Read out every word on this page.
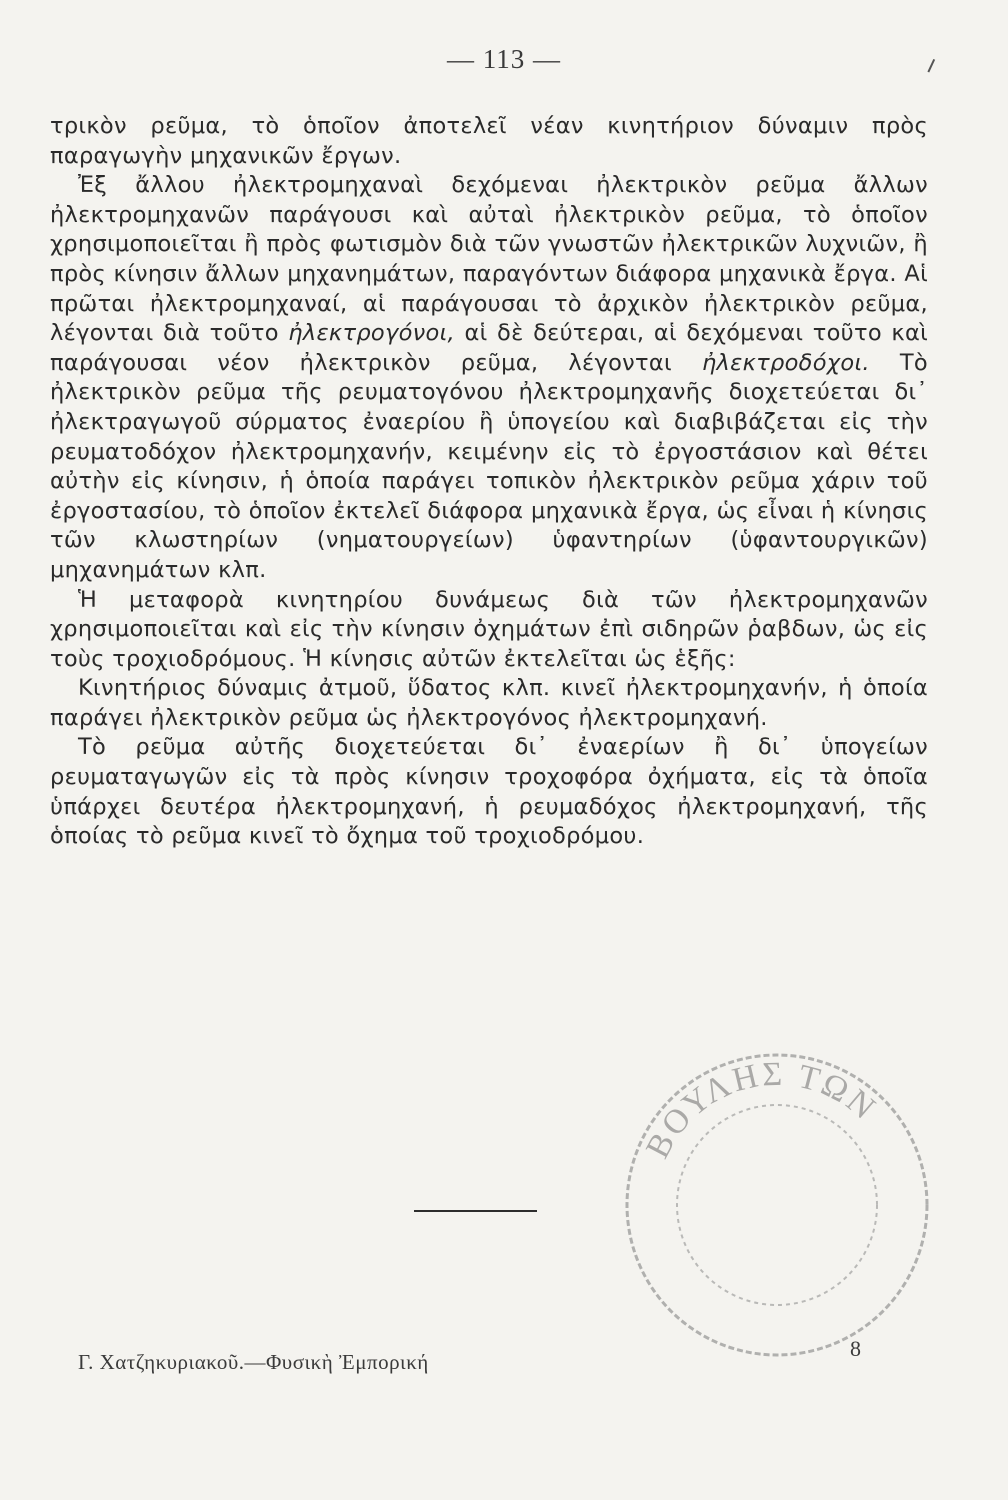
— 113 —

τρικὸν ρεῦμα, τὸ ὁποῖον ἀποτελεῖ νέαν κινητήριον δύναμιν πρὸς παραγωγὴν μηχανικῶν ἔργων.

Ἐξ ἄλλου ἠλεκτρομηχαναὶ δεχόμεναι ἠλεκτρικὸν ρεῦμα ἄλλων ἠλεκτρομηχανῶν παράγουσι καὶ αὐταὶ ἠλεκτρικὸν ρεῦμα, τὸ ὁποῖον χρησιμοποιεῖται ἢ πρὸς φωτισμὸν διὰ τῶν γνωστῶν ἠλεκτρικῶν λυχνιῶν, ἢ πρὸς κίνησιν ἄλλων μηχανημάτων, παραγόντων διάφορα μηχανικὰ ἔργα. Αἱ πρῶται ἠλεκτρομηχαναί, αἱ παράγουσαι τὸ ἀρχικὸν ἠλεκτρικὸν ρεῦμα, λέγονται διὰ τοῦτο ἠλεκτρογόνοι, αἱ δὲ δεύτεραι, αἱ δεχόμεναι τοῦτο καὶ παράγουσαι νέον ἠλεκτρικὸν ρεῦμα, λέγονται ἠλεκτροδόχοι. Τὸ ἠλεκτρικὸν ρεῦμα τῆς ρευματογόνου ἠλεκτρομηχανῆς διοχετεύεται δι᾿ ἠλεκτραγωγοῦ σύρματος ἐναερίου ἢ ὑπογείου καὶ διαβιβάζεται εἰς τὴν ρευματοδόχον ἠλεκτρομηχανήν, κειμένην εἰς τὸ ἐργοστάσιον καὶ θέτει αὐτὴν εἰς κίνησιν, ἡ ὁποία παράγει τοπικὸν ἠλεκτρικὸν ρεῦμα χάριν τοῦ ἐργοστασίου, τὸ ὁποῖον ἐκτελεῖ διάφορα μηχανικὰ ἔργα, ὡς εἶναι ἡ κίνησις τῶν κλωστηρίων (νηματουργείων) ὑφαντηρίων (ὑφαντουργικῶν) μηχανημάτων κλπ.

Ἡ μεταφορὰ κινητηρίου δυνάμεως διὰ τῶν ἠλεκτρομηχανῶν χρησιμοποιεῖται καὶ εἰς τὴν κίνησιν ὀχημάτων ἐπὶ σιδηρῶν ῥαβδων, ὡς εἰς τοὺς τροχιοδρόμους. Ἡ κίνησις αὐτῶν ἐκτελεῖται ὡς ἑξῆς:

Κινητήριος δύναμις ἀτμοῦ, ὕδατος κλπ. κινεῖ ἠλεκτρομηχανήν, ἡ ὁποία παράγει ἠλεκτρικὸν ρεῦμα ὡς ἠλεκτρογόνος ἠλεκτρομηχανή.

Τὸ ρεῦμα αὐτῆς διοχετεύεται δι᾿ ἐναερίων ἢ δι᾿ ὑπογείων ρευματαγωγῶν εἰς τὰ πρὸς κίνησιν τροχοφόρα ὀχήματα, εἰς τὰ ὁποῖα ὑπάρχει δευτέρα ἠλεκτρομηχανή, ἡ ρευμαδόχος ἠλεκτρομηχανή, τῆς ὁποίας τὸ ρεῦμα κινεῖ τὸ ὄχημα τοῦ τροχιοδρόμου.

ΒΟΥΛΗΣ ΤΩΝ
Γ. Χατζηκυριακοῦ.—Φυσικὴ Ἐμπορική
8
